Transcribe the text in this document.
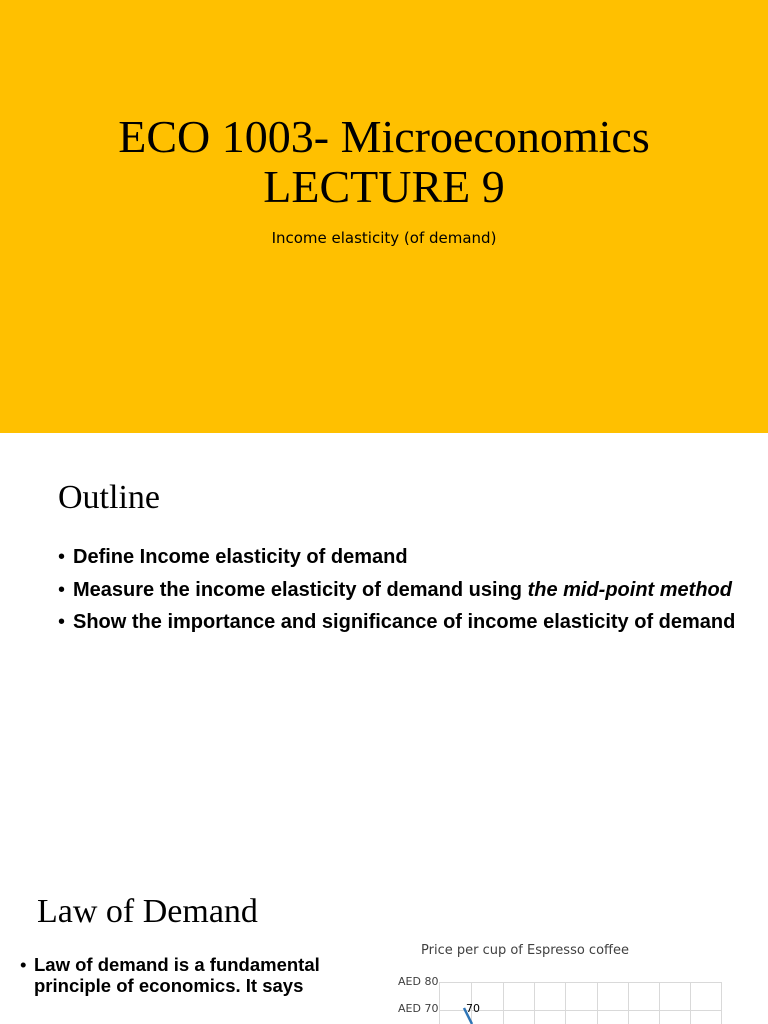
ECO 1003- Microeconomics
LECTURE 9
Income elasticity (of demand)
Outline
• Define Income elasticity of demand
• Measure the income elasticity of demand using the mid-point method
• Show the importance and significance of income elasticity of demand
Law of Demand
• Law of demand is a fundamental principle of economics. It says
Price per cup of Espresso coffee
AED 80
AED 70	70
